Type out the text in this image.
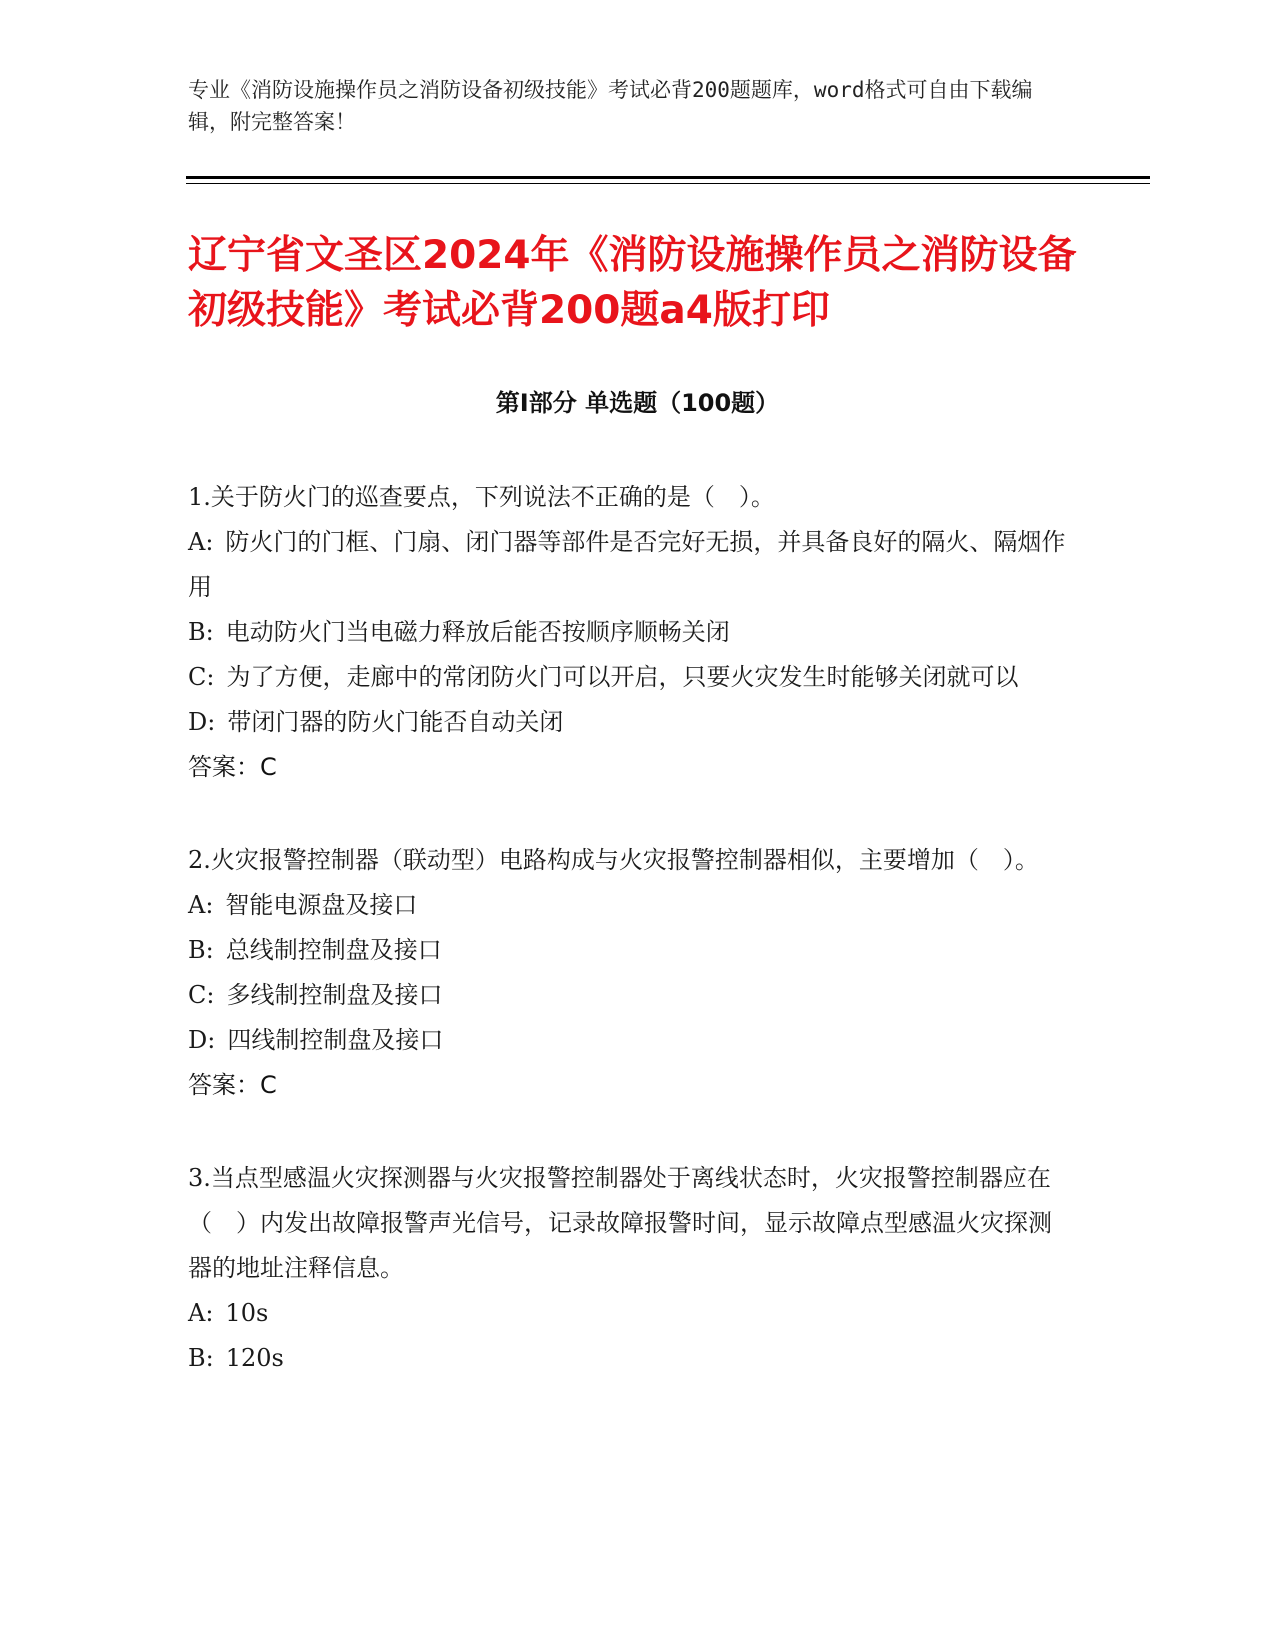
专业《消防设施操作员之消防设备初级技能》考试必背200题题库，word格式可自由下载编辑，附完整答案！
辽宁省文圣区2024年《消防设施操作员之消防设备初级技能》考试必背200题a4版打印
第Ⅰ部分 单选题（100题）
1.关于防火门的巡查要点，下列说法不正确的是（　）。
A: 防火门的门框、门扇、闭门器等部件是否完好无损，并具备良好的隔火、隔烟作用
B: 电动防火门当电磁力释放后能否按顺序顺畅关闭
C: 为了方便，走廊中的常闭防火门可以开启，只要火灾发生时能够关闭就可以
D: 带闭门器的防火门能否自动关闭
答案：C
2.火灾报警控制器（联动型）电路构成与火灾报警控制器相似，主要增加（　）。
A: 智能电源盘及接口
B: 总线制控制盘及接口
C: 多线制控制盘及接口
D: 四线制控制盘及接口
答案：C
3.当点型感温火灾探测器与火灾报警控制器处于离线状态时，火灾报警控制器应在（　）内发出故障报警声光信号，记录故障报警时间，显示故障点型感温火灾探测器的地址注释信息。
A: 10s
B: 120s
